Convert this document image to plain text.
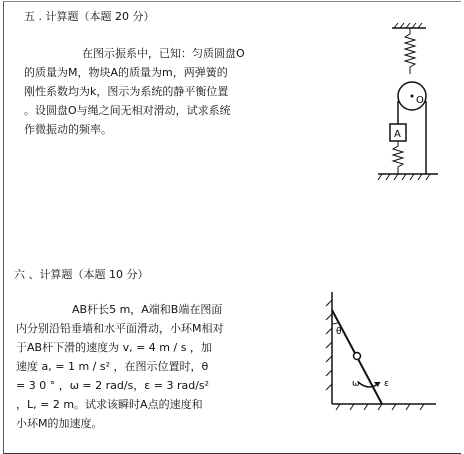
五 . 计算题（本题 20 分）
在图示振系中，已知：匀质圆盘O
的质量为M，物块A的质量为m，两弹簧的
刚性系数均为k，图示为系统的静平衡位置
。设圆盘O与绳之间无相对滑动，试求系统
作微振动的频率。
O
A
六 、计算题（本题 10 分）
AB杆长5 m，A端和B端在图面
内分别沿铅垂墙和水平面滑动，小环M相对
于AB杆下滑的速度为 v, = 4 m / s ，加
速度 a, = 1 m / s² ，在图示位置时，θ
= 3 0 ° ，ω = 2 rad/s，ε = 3 rad/s²
，L, = 2 m。试求该瞬时A点的速度和
小环M的加速度。
θ
ω	ε
